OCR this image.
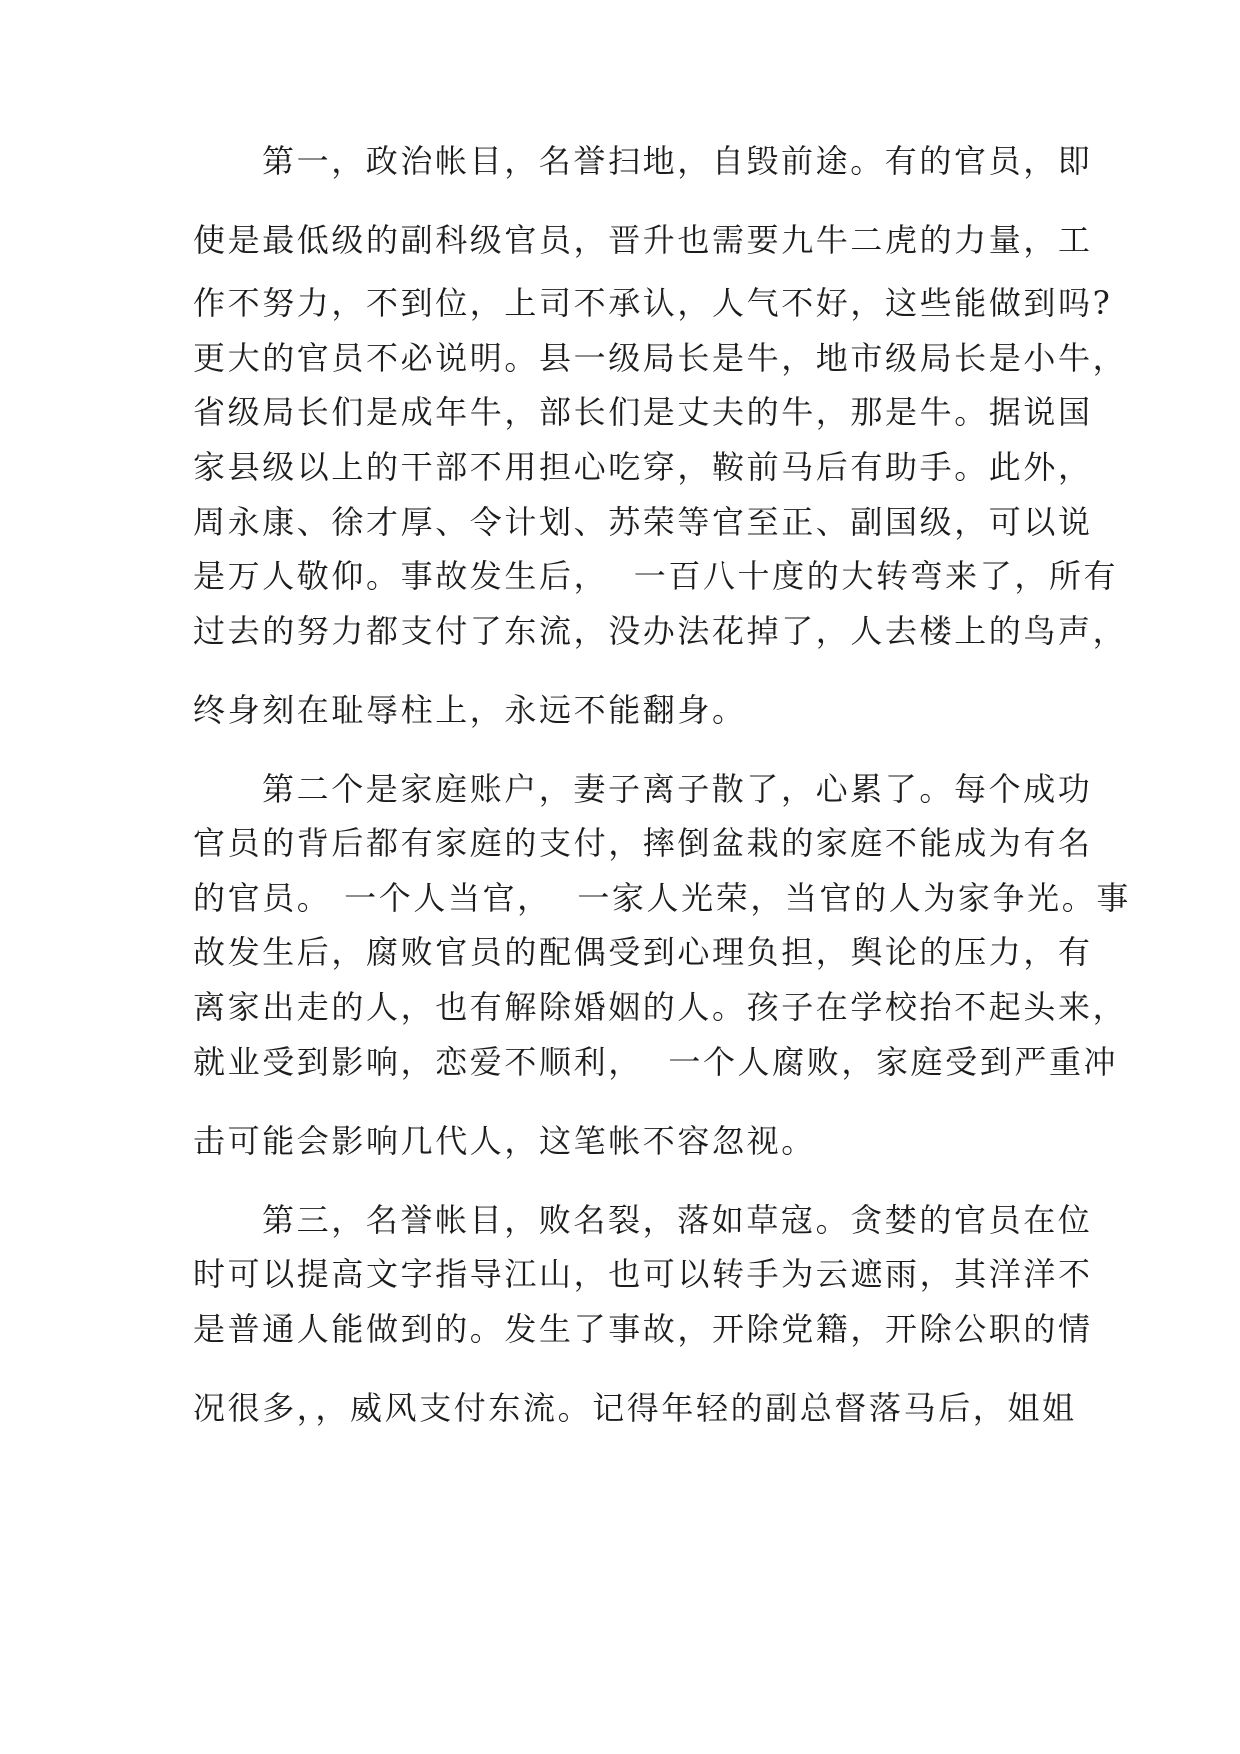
第一，政治帐目，名誉扫地，自毁前途。有的官员，即
使是最低级的副科级官员，晋升也需要九牛二虎的力量，工
作不努力，不到位，上司不承认，人气不好，这些能做到吗?
更大的官员不必说明。县一级局长是牛，地市级局长是小牛，
省级局长们是成年牛，部长们是丈夫的牛，那是牛。据说国
家县级以上的干部不用担心吃穿，鞍前马后有助手。此外，
周永康、徐才厚、令计划、苏荣等官至正、副国级，可以说
是万人敬仰。事故发生后，  一百八十度的大转弯来了，所有
过去的努力都支付了东流，没办法花掉了，人去楼上的鸟声，
终身刻在耻辱柱上，永远不能翻身。
第二个是家庭账户，妻子离子散了，心累了。每个成功
官员的背后都有家庭的支付，摔倒盆栽的家庭不能成为有名
的官员。 一个人当官，  一家人光荣，当官的人为家争光。事
故发生后，腐败官员的配偶受到心理负担，舆论的压力，有
离家出走的人，也有解除婚姻的人。孩子在学校抬不起头来，
就业受到影响，恋爱不顺利，  一个人腐败，家庭受到严重冲
击可能会影响几代人，这笔帐不容忽视。
第三，名誉帐目，败名裂，落如草寇。贪婪的官员在位
时可以提高文字指导江山，也可以转手为云遮雨，其洋洋不
是普通人能做到的。发生了事故，开除党籍，开除公职的情
况很多，，威风支付东流。记得年轻的副总督落马后，姐姐
